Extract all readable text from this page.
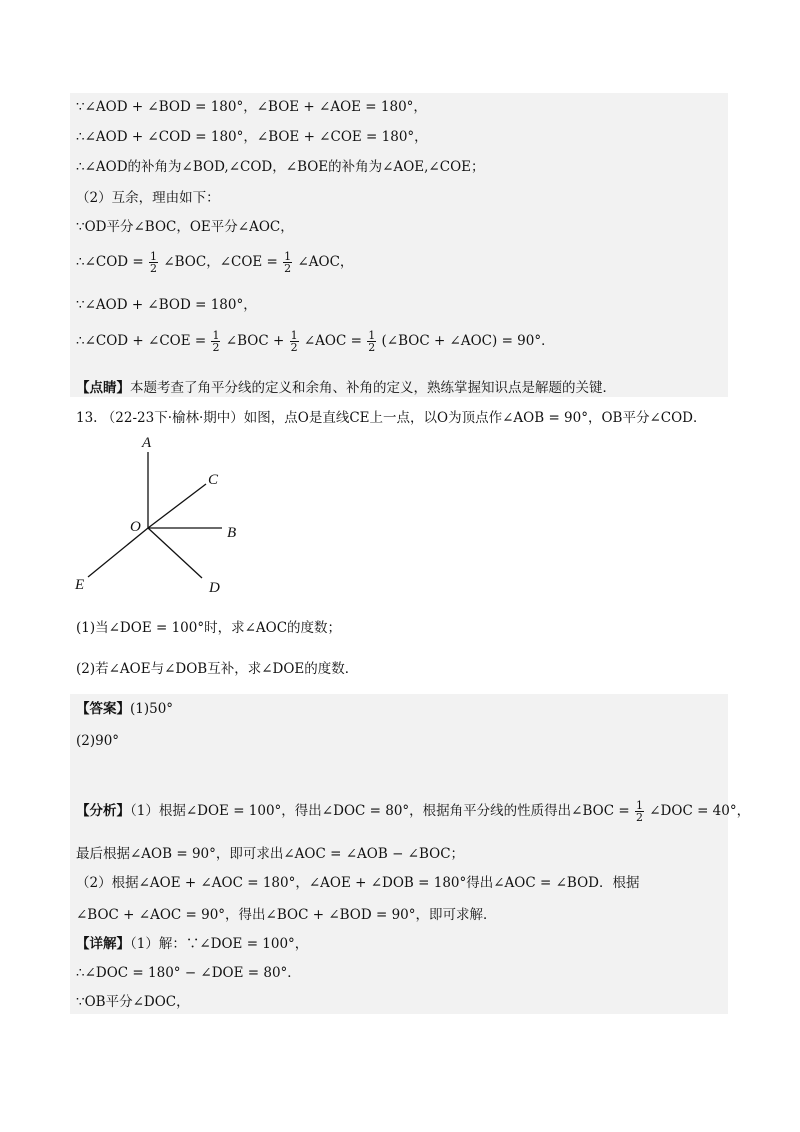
∵∠AOD + ∠BOD = 180°，∠BOE + ∠AOE = 180°，
∴∠AOD + ∠COD = 180°，∠BOE + ∠COE = 180°，
∴∠AOD的补角为∠BOD,∠COD，∠BOE的补角为∠AOE,∠COE；
（2）互余，理由如下：
∵OD平分∠BOC，OE平分∠AOC，
∴∠COD = $\frac{1}{2}$ ∠BOC，∠COE = $\frac{1}{2}$ ∠AOC，
∵∠AOD + ∠BOD = 180°，
∴∠COD + ∠COE = $\frac{1}{2}$ ∠BOC + $\frac{1}{2}$ ∠AOC = $\frac{1}{2}$ (∠BOC + ∠AOC) = 90°．
【点睛】本题考查了角平分线的定义和余角、补角的定义，熟练掌握知识点是解题的关键．
13. （22-23下·榆林·期中）如图，点O是直线CE上一点，以O为顶点作∠AOB = 90°，OB平分∠COD．
A
C
O	B
E	D
(1)当∠DOE = 100°时，求∠AOC的度数；
(2)若∠AOE与∠DOB互补，求∠DOE的度数．
【答案】(1)50°
(2)90°
【分析】（1）根据∠DOE = 100°，得出∠DOC = 80°，根据角平分线的性质得出∠BOC = $\frac{1}{2}$ ∠DOC = 40°，
最后根据∠AOB = 90°，即可求出∠AOC = ∠AOB − ∠BOC；
（2）根据∠AOE + ∠AOC = 180°，∠AOE + ∠DOB = 180°得出∠AOC = ∠BOD．根据
∠BOC + ∠AOC = 90°，得出∠BOC + ∠BOD = 90°，即可求解．
【详解】（1）解：∵∠DOE = 100°，
∴∠DOC = 180° − ∠DOE = 80°．
∵OB平分∠DOC，
